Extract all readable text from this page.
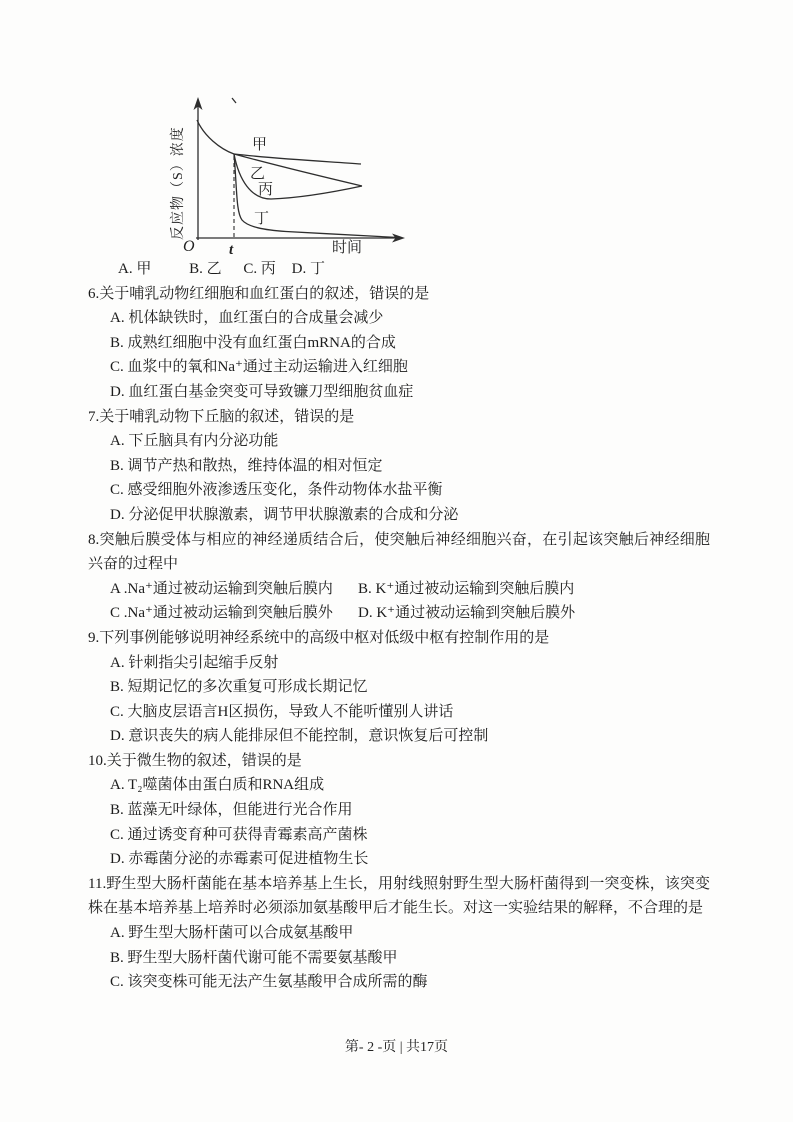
甲
乙
丙
丁
O t	时间
反应物（S）浓度

A. 甲	B. 乙 C. 丙 D. 丁

6.关于哺乳动物红细胞和血红蛋白的叙述，错误的是

A. 机体缺铁时，血红蛋白的合成量会减少

B. 成熟红细胞中没有血红蛋白mRNA的合成

C. 血浆中的氧和Na⁺通过主动运输进入红细胞

D. 血红蛋白基金突变可导致镰刀型细胞贫血症

7.关于哺乳动物下丘脑的叙述，错误的是

A. 下丘脑具有内分泌功能

B. 调节产热和散热，维持体温的相对恒定

C. 感受细胞外液渗透压变化，条件动物体水盐平衡

D. 分泌促甲状腺激素，调节甲状腺激素的合成和分泌

8.突触后膜受体与相应的神经递质结合后，使突触后神经细胞兴奋，在引起该突触后神经细胞兴奋的过程中

A .Na⁺通过被动运输到突触后膜内	B. K⁺通过被动运输到突触后膜内

C .Na⁺通过被动运输到突触后膜外	D. K⁺通过被动运输到突触后膜外

9.下列事例能够说明神经系统中的高级中枢对低级中枢有控制作用的是

A. 针刺指尖引起缩手反射

B. 短期记忆的多次重复可形成长期记忆

C. 大脑皮层语言H区损伤，导致人不能听懂别人讲话

D. 意识丧失的病人能排尿但不能控制，意识恢复后可控制

10.关于微生物的叙述，错误的是

A. T₂噬菌体由蛋白质和RNA组成

B. 蓝藻无叶绿体，但能进行光合作用

C. 通过诱变育种可获得青霉素高产菌株

D. 赤霉菌分泌的赤霉素可促进植物生长

11.野生型大肠杆菌能在基本培养基上生长，用射线照射野生型大肠杆菌得到一突变株，该突变株在基本培养基上培养时必须添加氨基酸甲后才能生长。对这一实验结果的解释，不合理的是

A. 野生型大肠杆菌可以合成氨基酸甲

B. 野生型大肠杆菌代谢可能不需要氨基酸甲

C. 该突变株可能无法产生氨基酸甲合成所需的酶

第- 2 -页 | 共17页
